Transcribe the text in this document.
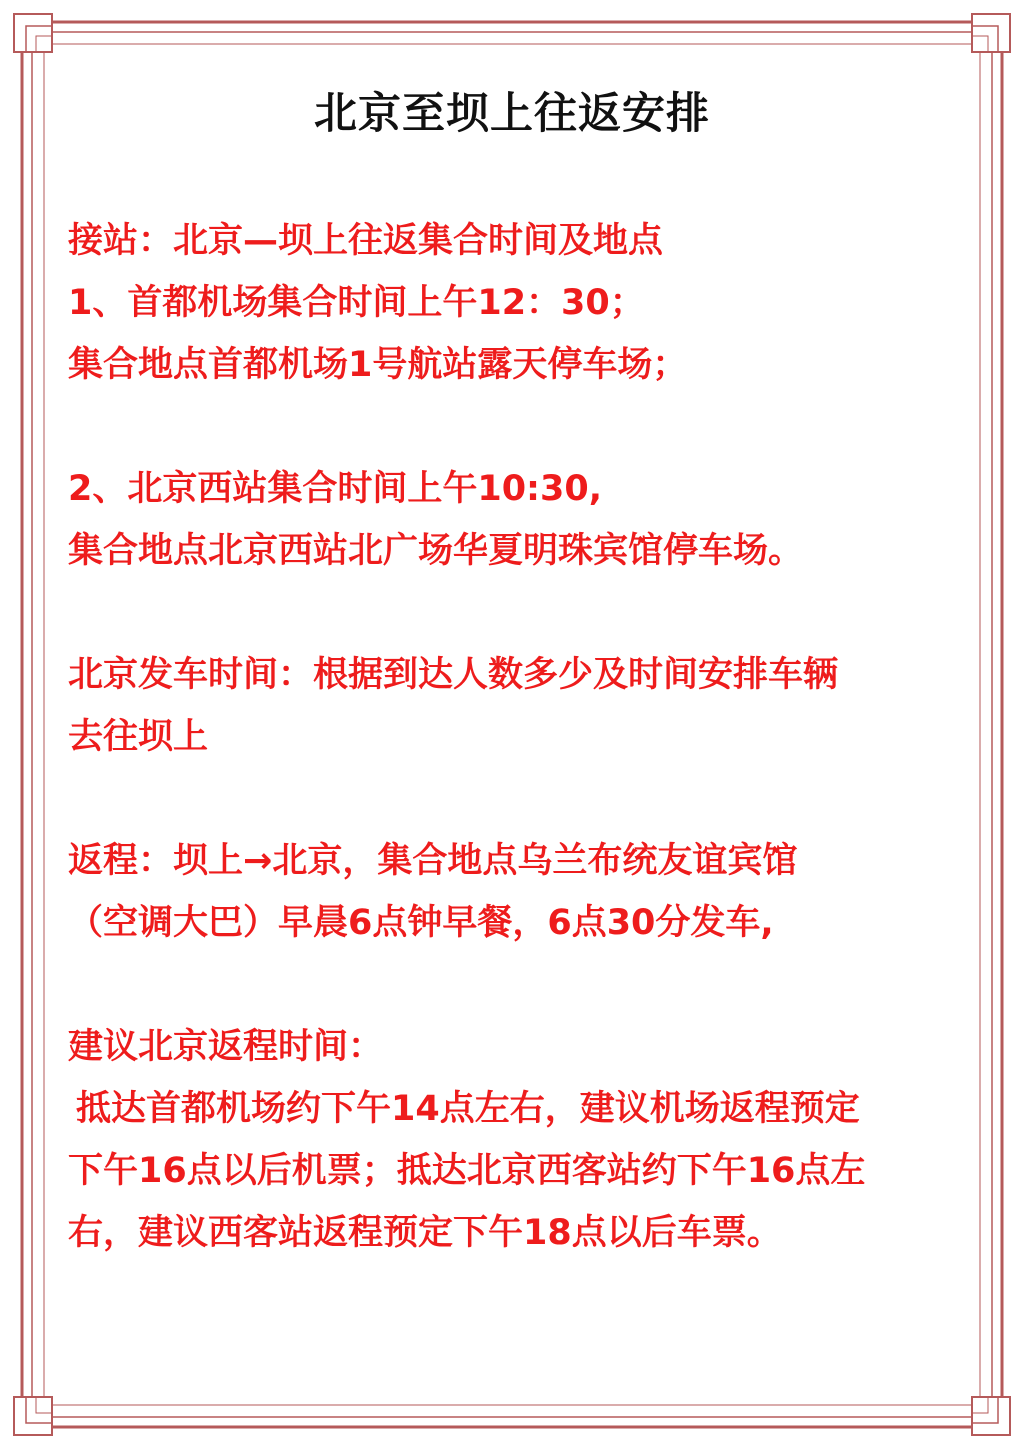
北京至坝上往返安排
接站：北京—坝上往返集合时间及地点
1、首都机场集合时间上午12：30；
集合地点首都机场1号航站露天停车场；
2、北京西站集合时间上午10:30,
集合地点北京西站北广场华夏明珠宾馆停车场。
北京发车时间：根据到达人数多少及时间安排车辆
去往坝上
返程：坝上→北京，集合地点乌兰布统友谊宾馆
（空调大巴）早晨6点钟早餐，6点30分发车,
建议北京返程时间：
抵达首都机场约下午14点左右，建议机场返程预定
下午16点以后机票；抵达北京西客站约下午16点左
右，建议西客站返程预定下午18点以后车票。
